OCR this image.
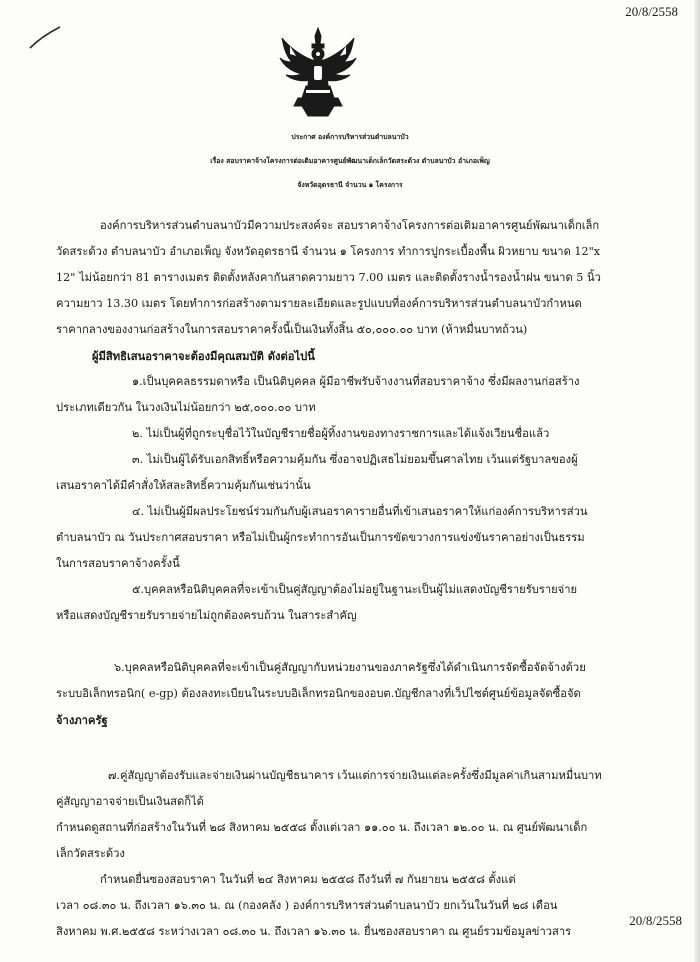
20/8/2558
ประกาศ องค์การบริหารส่วนตำบลนาบัว
เรื่อง สอบราคาจ้างโครงการต่อเติมอาคารศูนย์พัฒนาเด็กเล็กวัดสระด้วง ตำบลนาบัว อำเภอเพ็ญ
จังหวัดอุดรธานี จำนวน ๑ โครงการ
องค์การบริหารส่วนตำบลนาบัวมีความประสงค์จะ สอบราคาจ้างโครงการต่อเติมอาคารศูนย์พัฒนาเด็กเล็ก
วัดสระด้วง ตำบลนาบัว อำเภอเพ็ญ จังหวัดอุดรธานี จำนวน ๑ โครงการ ทำการปูกระเบื้องพื้น ผิวหยาบ ขนาด 12"x
12" ไม่น้อยกว่า 81 ตารางเมตร ติดตั้งหลังคากันสาดความยาว 7.00 เมตร และติดตั้งรางน้ำรองน้ำฝน ขนาด 5 นิ้ว
ความยาว 13.30 เมตร โดยทำการก่อสร้างตามรายละเอียดและรูปแบบที่องค์การบริหารส่วนตำบลนาบัวกำหนด
ราคากลางของงานก่อสร้างในการสอบราคาครั้งนี้เป็นเงินทั้งสิ้น ๕๐,๐๐๐.๐๐ บาท (ห้าหมื่นบาทถ้วน)
ผู้มีสิทธิเสนอราคาจะต้องมีคุณสมบัติ ดังต่อไปนี้
๑.เป็นบุคคลธรรมดาหรือ เป็นนิติบุคคล ผู้มีอาชีพรับจ้างงานที่สอบราคาจ้าง ซึ่งมีผลงานก่อสร้าง
ประเภทเดียวกัน ในวงเงินไม่น้อยกว่า ๒๕,๐๐๐.๐๐ บาท
๒. ไม่เป็นผู้ที่ถูกระบุชื่อไว้ในบัญชีรายชื่อผู้ทิ้งงานของทางราชการและได้แจ้งเวียนชื่อแล้ว
๓. ไม่เป็นผู้ได้รับเอกสิทธิ์หรือความคุ้มกัน ซึ่งอาจปฏิเสธไม่ยอมขึ้นศาลไทย เว้นแต่รัฐบาลของผู้
เสนอราคาได้มีคำสั่งให้สละสิทธิ์ความคุ้มกันเช่นว่านั้น
๔. ไม่เป็นผู้มีผลประโยชน์ร่วมกันกับผู้เสนอราคารายอื่นที่เข้าเสนอราคาให้แก่องค์การบริหารส่วน
ตำบลนาบัว ณ วันประกาศสอบราคา หรือไม่เป็นผู้กระทำการอันเป็นการขัดขวางการแข่งขันราคาอย่างเป็นธรรม
ในการสอบราคาจ้างครั้งนี้
๕.บุคคลหรือนิติบุคคลที่จะเข้าเป็นคู่สัญญาต้องไม่อยู่ในฐานะเป็นผู้ไม่แสดงบัญชีรายรับรายจ่าย
หรือแสดงบัญชีรายรับรายจ่ายไม่ถูกต้องครบถ้วน ในสาระสำคัญ
๖.บุคคลหรือนิติบุคคลที่จะเข้าเป็นคู่สัญญากับหน่วยงานของภาครัฐซึ่งได้ดำเนินการจัดซื้อจัดจ้างด้วย
ระบบอิเล็กทรอนิก( e-gp) ต้องลงทะเบียนในระบบอิเล็กทรอนิกของอบต.บัญชีกลางที่เว็ปไซต์ศูนย์ข้อมูลจัดซื้อจัด
จ้างภาครัฐ
๗.คู่สัญญาต้องรับและจ่ายเงินผ่านบัญชีธนาคาร เว้นแต่การจ่ายเงินแต่ละครั้งซึ่งมีมูลค่าเกินสามหมื่นบาท
คู่สัญญาอาจจ่ายเป็นเงินสดก็ได้
กำหนดดูสถานที่ก่อสร้างในวันที่ ๒๘ สิงหาคม ๒๕๕๘ ตั้งแต่เวลา ๑๑.๐๐ น. ถึงเวลา ๑๒.๐๐ น. ณ ศูนย์พัฒนาเด็ก
เล็กวัดสระด้วง
กำหนดยื่นซองสอบราคา ในวันที่ ๒๔ สิงหาคม ๒๕๕๘ ถึงวันที่ ๗ กันยายน ๒๕๕๘ ตั้งแต่
เวลา ๐๘.๓๐ น. ถึงเวลา ๑๖.๓๐ น. ณ (กองคลัง ) องค์การบริหารส่วนตำบลนาบัว ยกเว้นในวันที่ ๒๘ เดือน
สิงหาคม พ.ศ.๒๕๕๘ ระหว่างเวลา ๐๘.๓๐ น. ถึงเวลา ๑๖.๓๐ น. ยื่นซองสอบราคา ณ ศูนย์รวมข้อมูลข่าวสาร
20/8/2558
